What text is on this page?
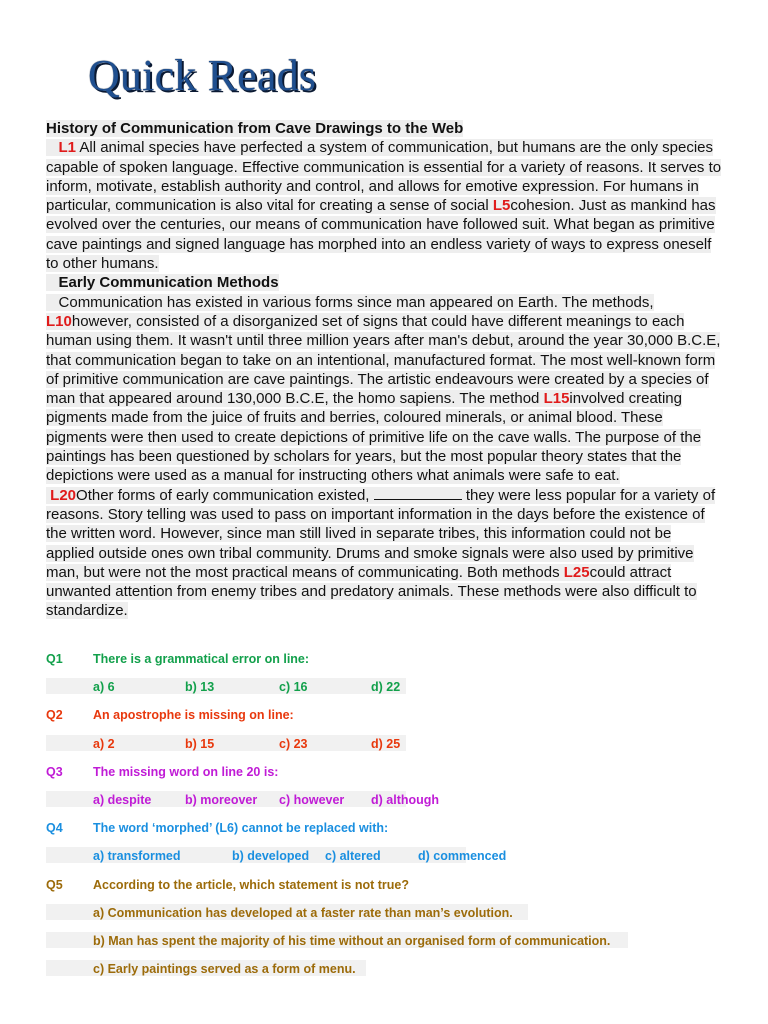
Quick Reads
History of Communication from Cave Drawings to the Web
L1 All animal species have perfected a system of communication, but humans are the only species capable of spoken language. Effective communication is essential for a variety of reasons. It serves to inform, motivate, establish authority and control, and allows for emotive expression. For humans in particular, communication is also vital for creating a sense of social L5cohesion. Just as mankind has evolved over the centuries, our means of communication have followed suit. What began as primitive cave paintings and signed language has morphed into an endless variety of ways to express oneself to other humans.
Early Communication Methods
Communication has existed in various forms since man appeared on Earth. The methods, L10however, consisted of a disorganized set of signs that could have different meanings to each human using them. It wasn't until three million years after man's debut, around the year 30,000 B.C.E, that communication began to take on an intentional, manufactured format. The most well-known form of primitive communication are cave paintings. The artistic endeavours were created by a species of man that appeared around 130,000 B.C.E, the homo sapiens. The method L15involved creating pigments made from the juice of fruits and berries, coloured minerals, or animal blood. These pigments were then used to create depictions of primitive life on the cave walls. The purpose of the paintings has been questioned by scholars for years, but the most popular theory states that the depictions were used as a manual for instructing others what animals were safe to eat.
L20Other forms of early communication existed,	they were less popular for a variety of reasons. Story telling was used to pass on important information in the days before the existence of the written word. However, since man still lived in separate tribes, this information could not be applied outside ones own tribal community. Drums and smoke signals were also used by primitive man, but were not the most practical means of communicating. Both methods L25could attract unwanted attention from enemy tribes and predatory animals. These methods were also difficult to standardize.
Q1 There is a grammatical error on line:
a) 6	b) 13	c) 16	d) 22
Q2 An apostrophe is missing on line:
a) 2	b) 15	c) 23	d) 25
Q3 The missing word on line 20 is:
a) despite	b) moreover c) however d) although
Q4 The word ‘morphed’ (L6) cannot be replaced with:
a) transformed	b) developed c) altered	d) commenced
Q5 According to the article, which statement is not true?
a) Communication has developed at a faster rate than man’s evolution.
b) Man has spent the majority of his time without an organised form of communication.
c) Early paintings served as a form of menu.
